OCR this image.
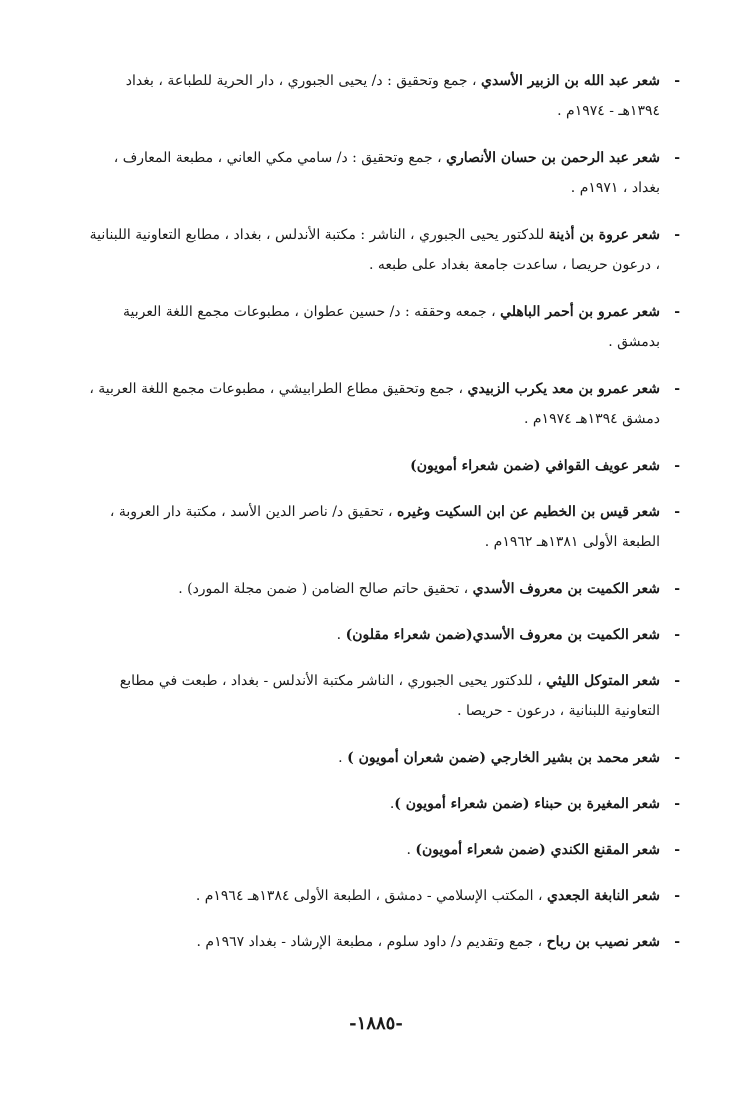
-
شعر عبد الله بن الزبير الأسدي ، جمع وتحقيق : د/ يحيى الجبوري ، دار الحرية للطباعة ، بغداد ١٣٩٤هـ - ١٩٧٤م .
-
شعر عبد الرحمن بن حسان الأنصاري ، جمع وتحقيق : د/ سامي مكي العاني ، مطبعة المعارف ، بغداد ، ١٩٧١م .
-
شعر عروة بن أذينة للدكتور يحيى الجبوري ، الناشر : مكتبة الأندلس ، بغداد ، مطابع التعاونية اللبنانية ، درعون حريصا ، ساعدت جامعة بغداد على طبعه .
-
شعر عمرو بن أحمر الباهلي ، جمعه وحققه : د/ حسين عطوان ، مطبوعات مجمع اللغة العربية بدمشق .
-
شعر عمرو بن معد يكرب الزبيدي ، جمع وتحقيق مطاع الطرابيشي ، مطبوعات مجمع اللغة العربية ، دمشق ١٣٩٤هـ ١٩٧٤م .
-
شعر عويف القوافي (ضمن شعراء أمويون)
-
شعر قيس بن الخطيم عن ابن السكيت وغيره ، تحقيق د/ ناصر الدين الأسد ، مكتبة دار العروبة ، الطبعة الأولى ١٣٨١هـ ١٩٦٢م .
-
شعر الكميت بن معروف الأسدي ، تحقيق حاتم صالح الضامن ( ضمن مجلة المورد) .
-
شعر الكميت بن معروف الأسدي(ضمن شعراء مقلون) .
-
شعر المتوكل الليثي ، للدكتور يحيى الجبوري ، الناشر مكتبة الأندلس - بغداد ، طبعت في مطابع التعاونية اللبنانية ، درعون - حريصا .
-
شعر محمد بن بشير الخارجي (ضمن شعران أمويون ) .
-
شعر المغيرة بن حبناء (ضمن شعراء أمويون ).
-
شعر المقنع الكندي (ضمن شعراء أمويون) .
-
شعر النابغة الجعدي ، المكتب الإسلامي - دمشق ، الطبعة الأولى ١٣٨٤هـ ١٩٦٤م .
-
شعر نصيب بن رباح ، جمع وتقديم د/ داود سلوم ، مطبعة الإرشاد - بغداد ١٩٦٧م .
-١٨٨٥-
